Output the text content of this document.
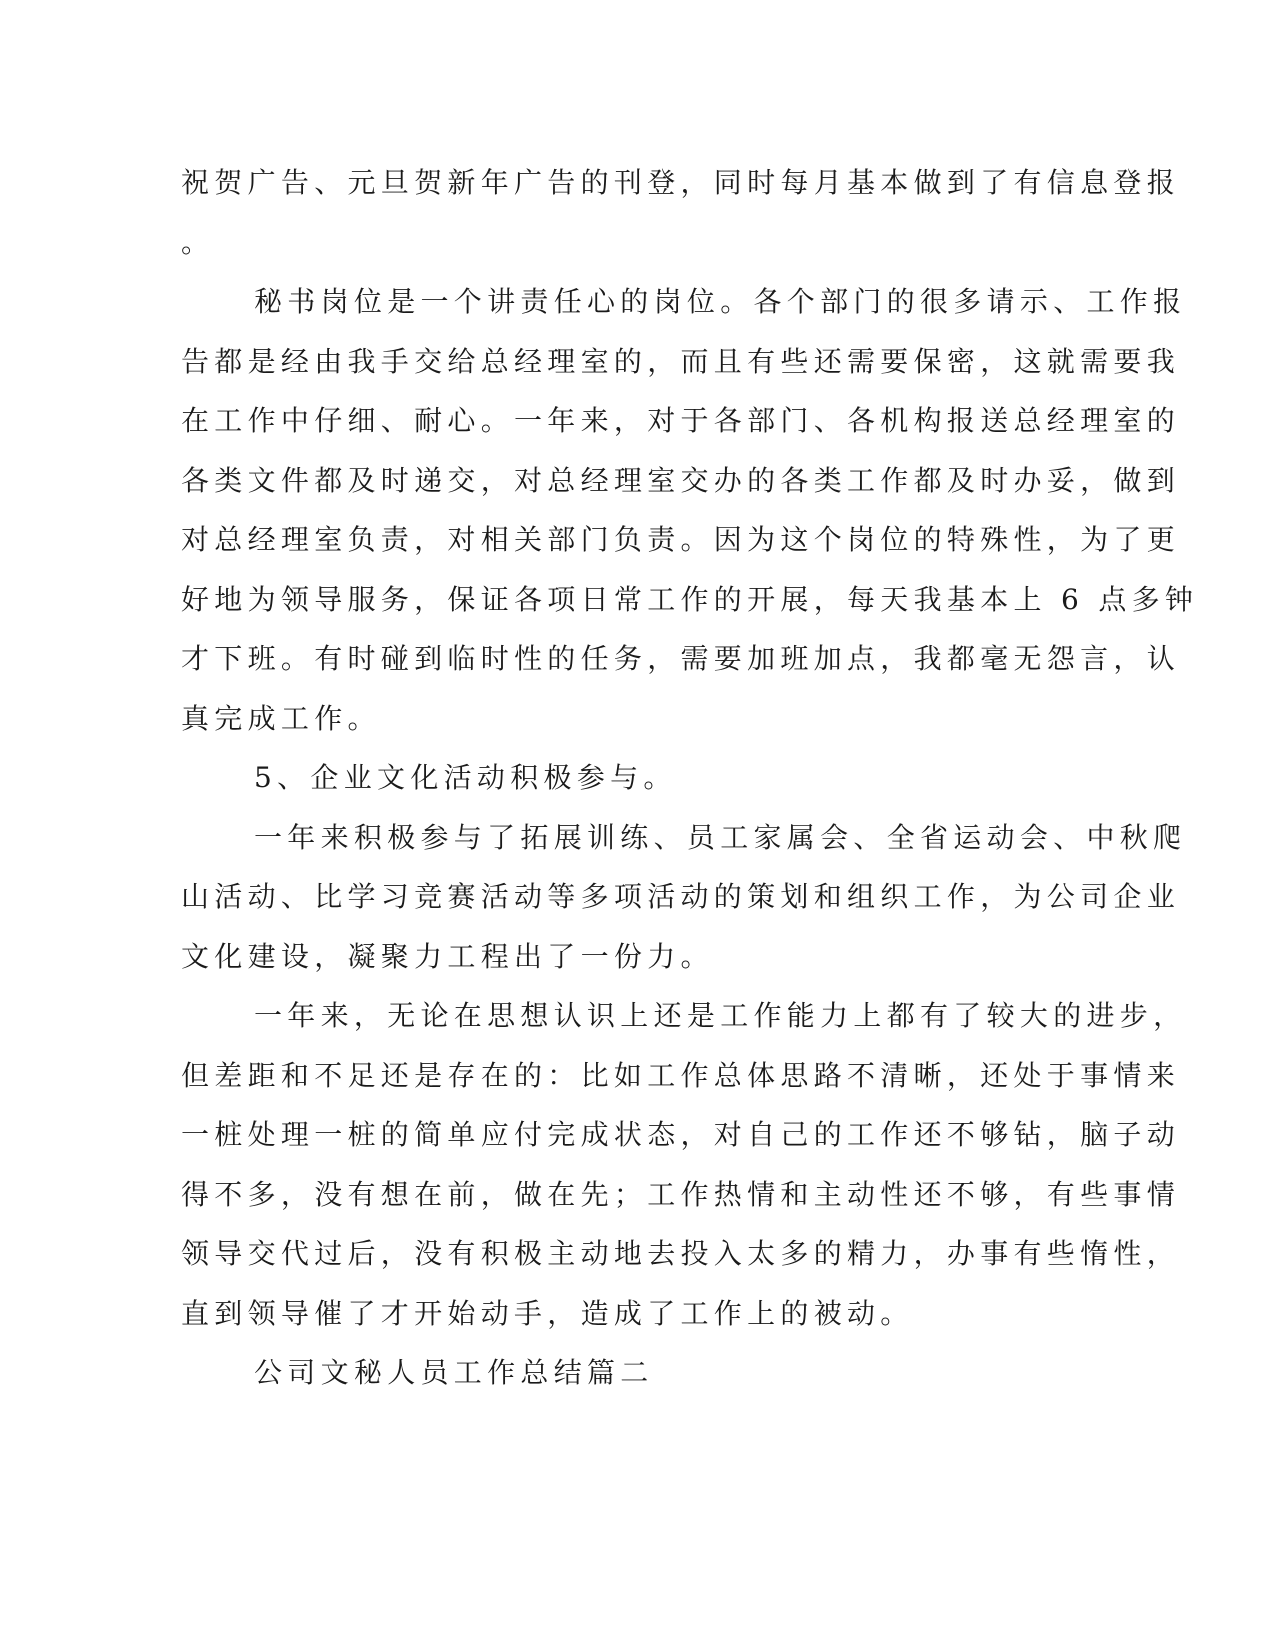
祝贺广告、元旦贺新年广告的刊登，同时每月基本做到了有信息登报
。
秘书岗位是一个讲责任心的岗位。各个部门的很多请示、工作报
告都是经由我手交给总经理室的，而且有些还需要保密，这就需要我
在工作中仔细、耐心。一年来，对于各部门、各机构报送总经理室的
各类文件都及时递交，对总经理室交办的各类工作都及时办妥，做到
对总经理室负责，对相关部门负责。因为这个岗位的特殊性，为了更
好地为领导服务，保证各项日常工作的开展，每天我基本上 6 点多钟
才下班。有时碰到临时性的任务，需要加班加点，我都毫无怨言，认
真完成工作。
5、企业文化活动积极参与。
一年来积极参与了拓展训练、员工家属会、全省运动会、中秋爬
山活动、比学习竞赛活动等多项活动的策划和组织工作，为公司企业
文化建设，凝聚力工程出了一份力。
一年来，无论在思想认识上还是工作能力上都有了较大的进步，
但差距和不足还是存在的：比如工作总体思路不清晰，还处于事情来
一桩处理一桩的简单应付完成状态，对自己的工作还不够钻，脑子动
得不多，没有想在前，做在先；工作热情和主动性还不够，有些事情
领导交代过后，没有积极主动地去投入太多的精力，办事有些惰性，
直到领导催了才开始动手，造成了工作上的被动。
公司文秘人员工作总结篇二
